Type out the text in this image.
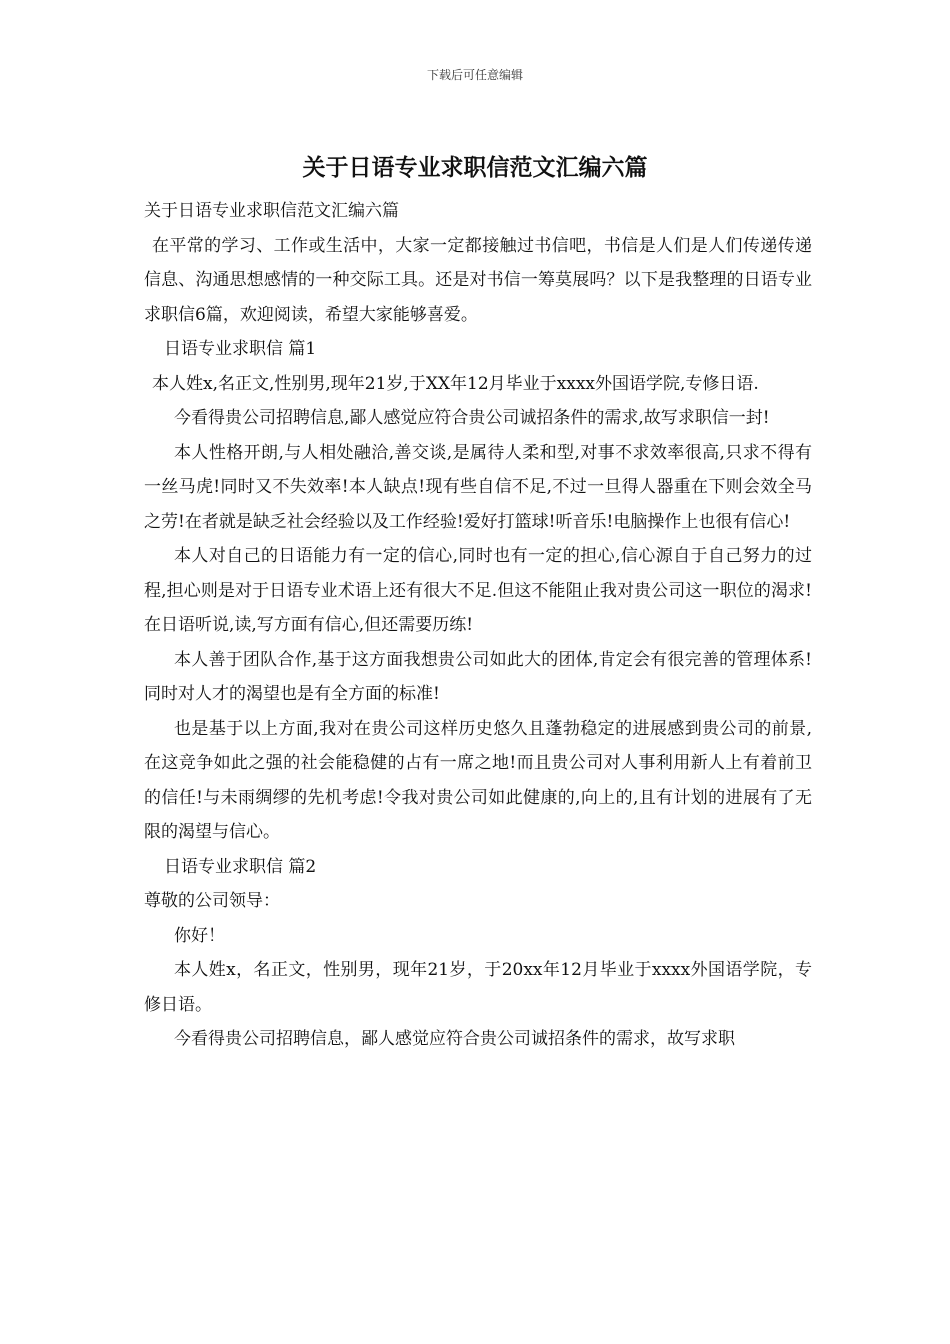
下载后可任意编辑
关于日语专业求职信范文汇编六篇

关于日语专业求职信范文汇编六篇

在平常的学习、工作或生活中，大家一定都接触过书信吧，书信是人们是人们传递传递信息、沟通思想感情的一种交际工具。还是对书信一筹莫展吗？以下是我整理的日语专业求职信6篇，欢迎阅读，希望大家能够喜爱。

日语专业求职信 篇1

本人姓x,名正文,性别男,现年21岁,于XX年12月毕业于xxxx外国语学院,专修日语.

今看得贵公司招聘信息,鄙人感觉应符合贵公司诚招条件的需求,故写求职信一封!

本人性格开朗,与人相处融洽,善交谈,是属待人柔和型,对事不求效率很高,只求不得有一丝马虎!同时又不失效率!本人缺点!现有些自信不足,不过一旦得人器重在下则会效全马之劳!在者就是缺乏社会经验以及工作经验!爱好打篮球!听音乐!电脑操作上也很有信心!

本人对自己的日语能力有一定的信心,同时也有一定的担心,信心源自于自己努力的过程,担心则是对于日语专业术语上还有很大不足.但这不能阻止我对贵公司这一职位的渴求!在日语听说,读,写方面有信心,但还需要历练!

本人善于团队合作,基于这方面我想贵公司如此大的团体,肯定会有很完善的管理体系!同时对人才的渴望也是有全方面的标准!

也是基于以上方面,我对在贵公司这样历史悠久且蓬勃稳定的进展感到贵公司的前景,在这竞争如此之强的社会能稳健的占有一席之地!而且贵公司对人事利用新人上有着前卫的信任!与未雨绸缪的先机考虑!令我对贵公司如此健康的,向上的,且有计划的进展有了无限的渴望与信心。

日语专业求职信 篇2

尊敬的公司领导：

你好！

本人姓x，名正文，性别男，现年21岁，于20xx年12月毕业于xxxx外国语学院，专修日语。

今看得贵公司招聘信息，鄙人感觉应符合贵公司诚招条件的需求，故写求职
